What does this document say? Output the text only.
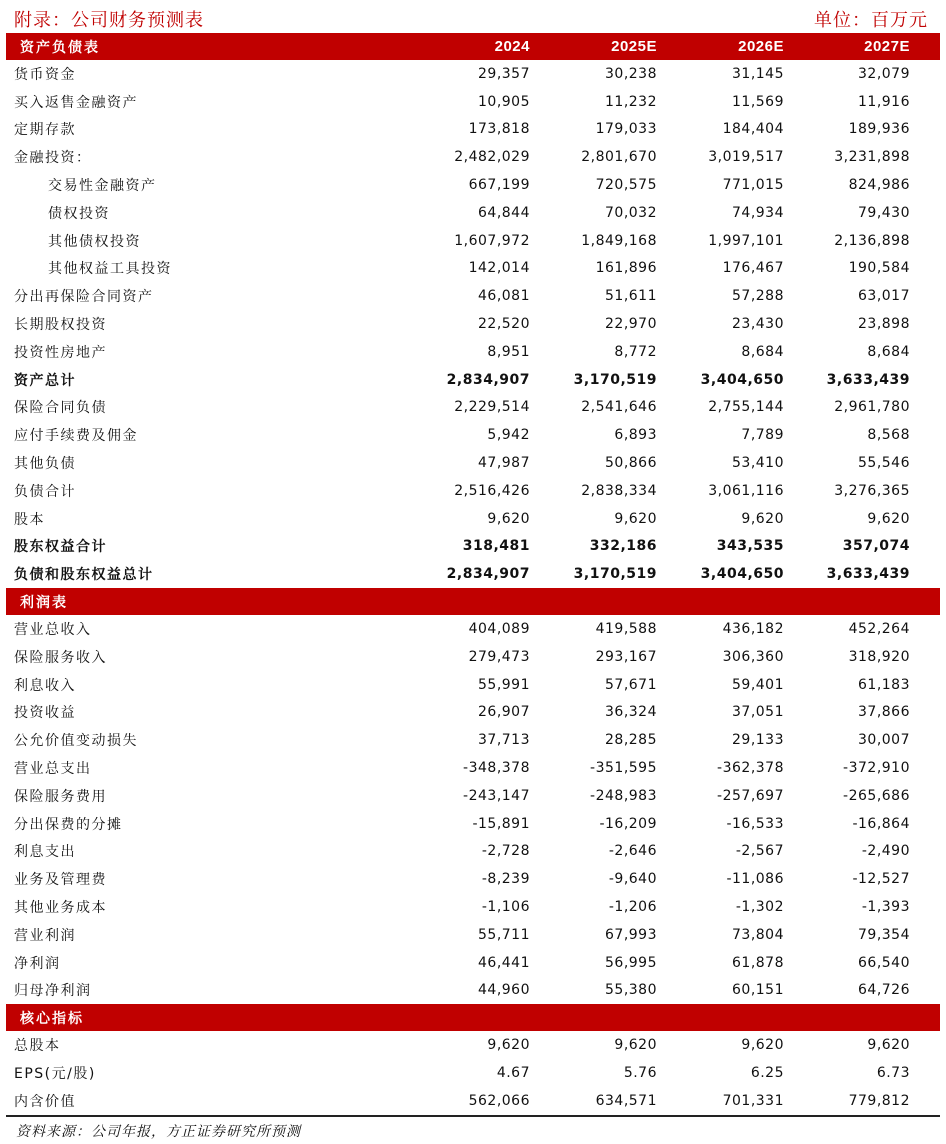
附录：公司财务预测表	单位：百万元
资产负债表	2024	2025E	2026E	2027E
货币资金	29,357	30,238	31,145	32,079
买入返售金融资产	10,905	11,232	11,569	11,916
定期存款	173,818	179,033	184,404	189,936
金融投资：	2,482,029	2,801,670	3,019,517	3,231,898
交易性金融资产	667,199	720,575	771,015	824,986
债权投资	64,844	70,032	74,934	79,430
其他债权投资	1,607,972	1,849,168	1,997,101	2,136,898
其他权益工具投资	142,014	161,896	176,467	190,584
分出再保险合同资产	46,081	51,611	57,288	63,017
长期股权投资	22,520	22,970	23,430	23,898
投资性房地产	8,951	8,772	8,684	8,684
资产总计	2,834,907	3,170,519	3,404,650	3,633,439
保险合同负债	2,229,514	2,541,646	2,755,144	2,961,780
应付手续费及佣金	5,942	6,893	7,789	8,568
其他负债	47,987	50,866	53,410	55,546
负债合计	2,516,426	2,838,334	3,061,116	3,276,365
股本	9,620	9,620	9,620	9,620
股东权益合计	318,481	332,186	343,535	357,074
负债和股东权益总计	2,834,907	3,170,519	3,404,650	3,633,439
利润表				
营业总收入	404,089	419,588	436,182	452,264
保险服务收入	279,473	293,167	306,360	318,920
利息收入	55,991	57,671	59,401	61,183
投资收益	26,907	36,324	37,051	37,866
公允价值变动损失	37,713	28,285	29,133	30,007
营业总支出	-348,378	-351,595	-362,378	-372,910
保险服务费用	-243,147	-248,983	-257,697	-265,686
分出保费的分摊	-15,891	-16,209	-16,533	-16,864
利息支出	-2,728	-2,646	-2,567	-2,490
业务及管理费	-8,239	-9,640	-11,086	-12,527
其他业务成本	-1,106	-1,206	-1,302	-1,393
营业利润	55,711	67,993	73,804	79,354
净利润	46,441	56,995	61,878	66,540
归母净利润	44,960	55,380	60,151	64,726
核心指标				
总股本	9,620	9,620	9,620	9,620
EPS(元/股)	4.67	5.76	6.25	6.73
内含价值	562,066	634,571	701,331	779,812
资料来源：公司年报，方正证券研究所预测
